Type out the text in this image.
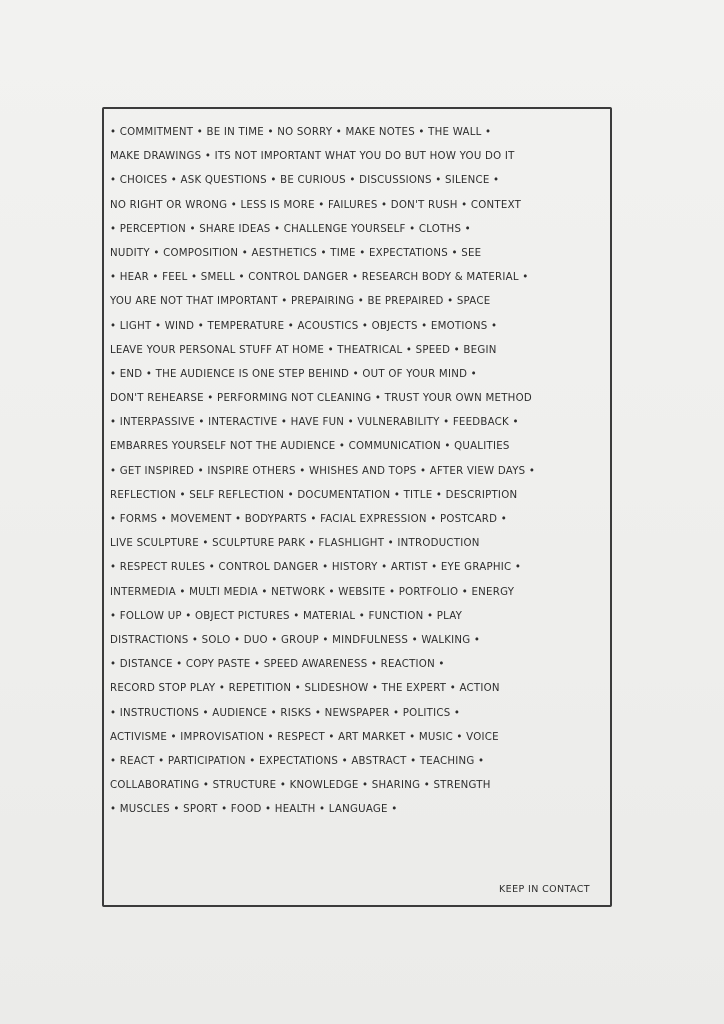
• COMMITMENT • BE IN TIME • NO SORRY • MAKE NOTES • THE WALL •
MAKE DRAWINGS • ITS NOT IMPORTANT WHAT YOU DO BUT HOW YOU DO IT
• CHOICES • ASK QUESTIONS • BE CURIOUS • DISCUSSIONS • SILENCE •
NO RIGHT OR WRONG • LESS IS MORE • FAILURES • DON'T RUSH • CONTEXT
• PERCEPTION • SHARE IDEAS • CHALLENGE YOURSELF • CLOTHS •
NUDITY • COMPOSITION • AESTHETICS • TIME • EXPECTATIONS • SEE
• HEAR • FEEL • SMELL • CONTROL DANGER • RESEARCH BODY & MATERIAL •
YOU ARE NOT THAT IMPORTANT • PREPAIRING • BE PREPAIRED • SPACE
• LIGHT • WIND • TEMPERATURE • ACOUSTICS • OBJECTS • EMOTIONS •
LEAVE YOUR PERSONAL STUFF AT HOME • THEATRICAL • SPEED • BEGIN
• END • THE AUDIENCE IS ONE STEP BEHIND • OUT OF YOUR MIND •
DON'T REHEARSE • PERFORMING NOT CLEANING • TRUST YOUR OWN METHOD
• INTERPASSIVE • INTERACTIVE • HAVE FUN • VULNERABILITY • FEEDBACK •
EMBARRES YOURSELF NOT THE AUDIENCE • COMMUNICATION • QUALITIES
• GET INSPIRED • INSPIRE OTHERS • WHISHES AND TOPS • AFTER VIEW DAYS •
REFLECTION • SELF REFLECTION • DOCUMENTATION • TITLE • DESCRIPTION
• FORMS • MOVEMENT • BODYPARTS • FACIAL EXPRESSION • POSTCARD •
LIVE SCULPTURE • SCULPTURE PARK • FLASHLIGHT • INTRODUCTION
• RESPECT RULES • CONTROL DANGER • HISTORY • ARTIST • EYE GRAPHIC •
INTERMEDIA • MULTI MEDIA • NETWORK • WEBSITE • PORTFOLIO • ENERGY
• FOLLOW UP • OBJECT PICTURES • MATERIAL • FUNCTION • PLAY
DISTRACTIONS • SOLO • DUO • GROUP • MINDFULNESS • WALKING •
• DISTANCE • COPY PASTE • SPEED AWARENESS • REACTION •
RECORD STOP PLAY • REPETITION • SLIDESHOW • THE EXPERT • ACTION
• INSTRUCTIONS • AUDIENCE • RISKS • NEWSPAPER • POLITICS •
ACTIVISME • IMPROVISATION • RESPECT • ART MARKET • MUSIC • VOICE
• REACT • PARTICIPATION • EXPECTATIONS • ABSTRACT • TEACHING •
COLLABORATING • STRUCTURE • KNOWLEDGE • SHARING • STRENGTH
• MUSCLES • SPORT • FOOD • HEALTH • LANGUAGE •
KEEP IN CONTACT
